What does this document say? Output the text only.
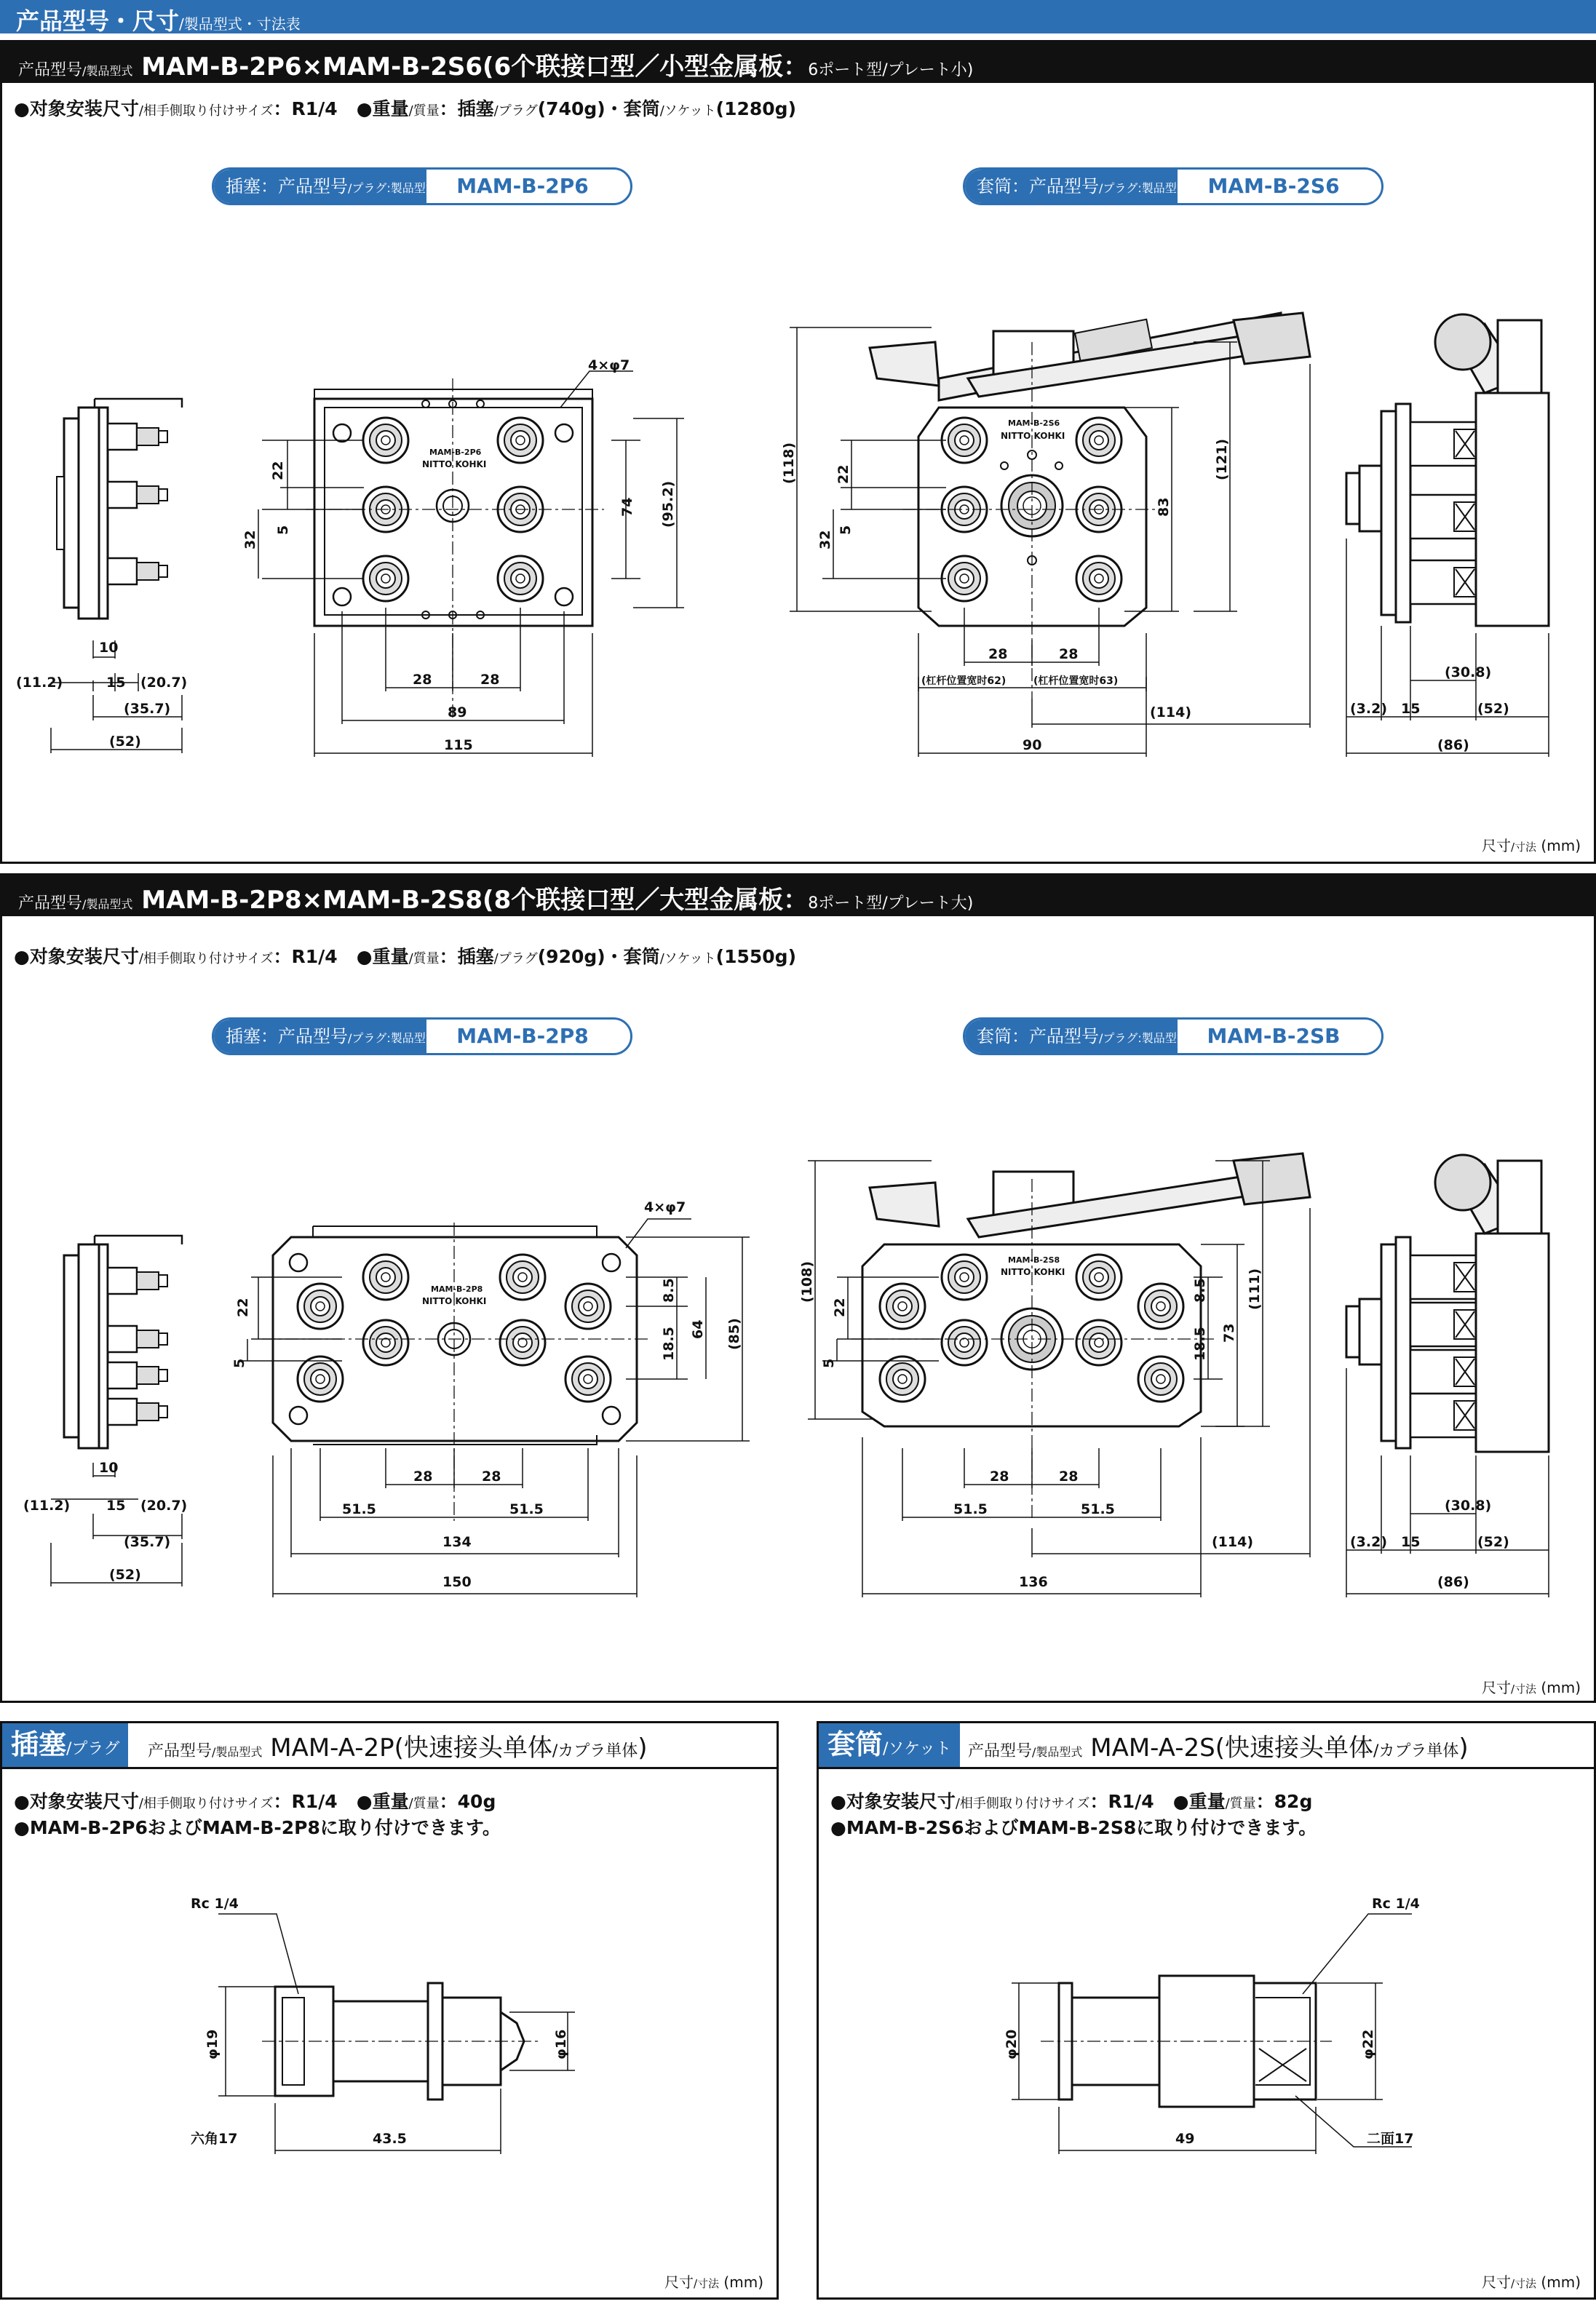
产品型号・尺寸/製品型式・寸法表
产品型号/製品型式 MAM-B-2P6×MAM-B-2S6(6个联接口型／小型金属板：6ポート型/プレート小)
●对象安装尺寸/相手側取り付けサイズ：R1/4 ●重量/質量：插塞/プラグ(740g)・套筒/ソケット(1280g)
插塞：产品型号/プラグ:製品型式 MAM-B-2P6	套筒：产品型号/プラグ:製品型式 MAM-B-2S6
尺寸/寸法 (mm)
产品型号/製品型式 MAM-B-2P8×MAM-B-2S8(8个联接口型／大型金属板：8ポート型/プレート大)
●对象安装尺寸/相手側取り付けサイズ：R1/4 ●重量/質量：插塞/プラグ(920g)・套筒/ソケット(1550g)
插塞：产品型号/プラグ:製品型式 MAM-B-2P8	套筒：产品型号/プラグ:製品型式 MAM-B-2SB
尺寸/寸法 (mm)
插塞/プラグ	产品型号/製品型式 MAM-A-2P(快速接头单体/カプラ単体)
●对象安装尺寸/相手側取り付けサイズ：R1/4 ●重量/質量：40g
●MAM-B-2P6およびMAM-B-2P8に取り付けできます。
尺寸/寸法 (mm)
套筒/ソケット	产品型号/製品型式 MAM-A-2S(快速接头单体/カプラ単体)
●对象安装尺寸/相手側取り付けサイズ：R1/4 ●重量/質量：82g
●MAM-B-2S6およびMAM-B-2S8に取り付けできます。
尺寸/寸法 (mm)
10
(11.2)	15 (20.7)
(35.7)
(52)
4×φ7
22
5
32
74 (95.2)
28	28
89
115
(118)	22
5
32
83
(121)
28	28
(杠杆位置宽时62)	(杠杆位置宽时63)
(114)
90
(3.2) 15
(30.8)
(52)
(86)
MAM-B-2P6
NITTO KOHKI
MAM-B-2S6
NITTO KOHKI
10
(11.2)	15 (20.7)
(35.7)
(52)
4×φ7
22
5
8.5
18.5 64 (85)
28	28
51.5	51.5
134
150
(108)
22
5
8.5
18.5 73
(111)
28	28
51.5	51.5
(114)
136
(3.2) 15
(30.8)
(52)
(86)
MAM-B-2P8
NITTO KOHKI
MAM-B-2S8
NITTO KOHKI
Rc 1/4
φ19	φ16
六角17	43.5
Rc 1/4
φ20	φ22
二面17
49
